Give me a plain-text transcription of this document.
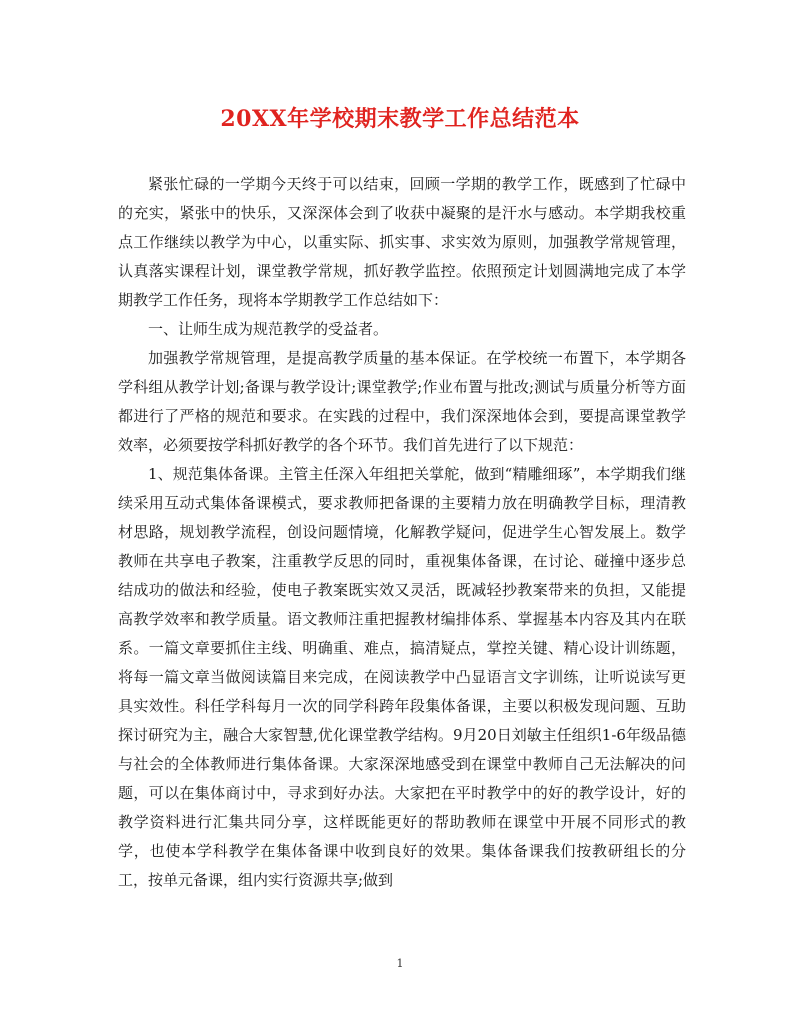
20XX年学校期末教学工作总结范本

紧张忙碌的一学期今天终于可以结束，回顾一学期的教学工作，既感到了忙碌中的充实，紧张中的快乐，又深深体会到了收获中凝聚的是汗水与感动。本学期我校重点工作继续以教学为中心，以重实际、抓实事、求实效为原则，加强教学常规管理，认真落实课程计划，课堂教学常规，抓好教学监控。依照预定计划圆满地完成了本学期教学工作任务，现将本学期教学工作总结如下：

一、让师生成为规范教学的受益者。

加强教学常规管理，是提高教学质量的基本保证。在学校统一布置下，本学期各学科组从教学计划;备课与教学设计;课堂教学;作业布置与批改;测试与质量分析等方面都进行了严格的规范和要求。在实践的过程中，我们深深地体会到，要提高课堂教学效率，必须要按学科抓好教学的各个环节。我们首先进行了以下规范：

1、规范集体备课。主管主任深入年组把关掌舵，做到“精雕细琢”，本学期我们继续采用互动式集体备课模式，要求教师把备课的主要精力放在明确教学目标，理清教材思路，规划教学流程，创设问题情境，化解教学疑问，促进学生心智发展上。数学教师在共享电子教案，注重教学反思的同时，重视集体备课，在讨论、碰撞中逐步总结成功的做法和经验，使电子教案既实效又灵活，既减轻抄教案带来的负担，又能提高教学效率和教学质量。语文教师注重把握教材编排体系、掌握基本内容及其内在联系。一篇文章要抓住主线、明确重、难点，搞清疑点，掌控关键、精心设计训练题，将每一篇文章当做阅读篇目来完成，在阅读教学中凸显语言文字训练，让听说读写更具实效性。科任学科每月一次的同学科跨年段集体备课，主要以积极发现问题、互助探讨研究为主，融合大家智慧,优化课堂教学结构。9月20日刘敏主任组织1-6年级品德与社会的全体教师进行集体备课。大家深深地感受到在课堂中教师自己无法解决的问题，可以在集体商讨中，寻求到好办法。大家把在平时教学中的好的教学设计，好的教学资料进行汇集共同分享，这样既能更好的帮助教师在课堂中开展不同形式的教学，也使本学科教学在集体备课中收到良好的效果。集体备课我们按教研组长的分工，按单元备课，组内实行资源共享;做到

1
